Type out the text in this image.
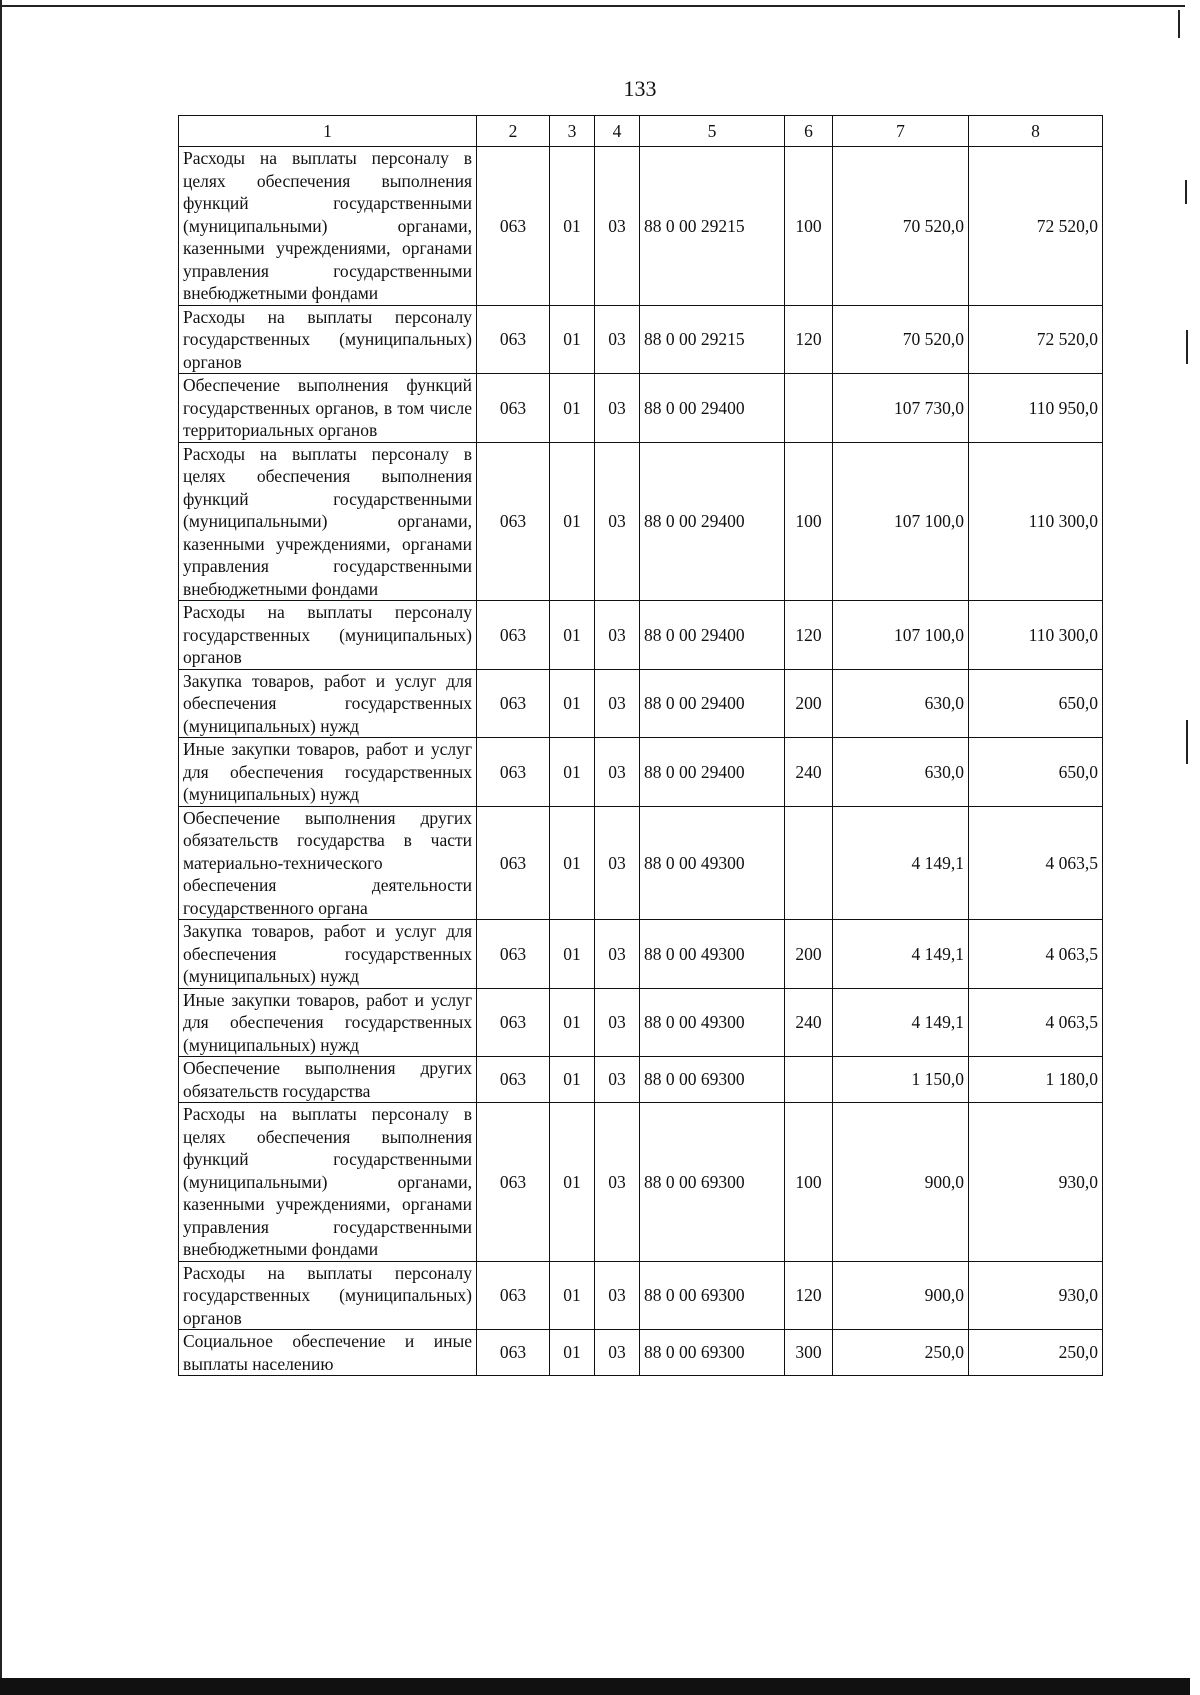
133
1	2	3	4	5	6	7	8
Расходы на выплаты персоналу в целях обеспечения выполнения функций государственными (муниципальными) органами, казенными учреждениями, органами управления государственными внебюджетными фондами	063	01	03	88 0 00 29215	100	70 520,0	72 520,0
Расходы на выплаты персоналу государственных (муниципальных) органов	063	01	03	88 0 00 29215	120	70 520,0	72 520,0
Обеспечение выполнения функций государственных органов, в том числе территориальных органов	063	01	03	88 0 00 29400		107 730,0	110 950,0
Расходы на выплаты персоналу в целях обеспечения выполнения функций государственными (муниципальными) органами, казенными учреждениями, органами управления государственными внебюджетными фондами	063	01	03	88 0 00 29400	100	107 100,0	110 300,0
Расходы на выплаты персоналу государственных (муниципальных) органов	063	01	03	88 0 00 29400	120	107 100,0	110 300,0
Закупка товаров, работ и услуг для обеспечения государственных (муниципальных) нужд	063	01	03	88 0 00 29400	200	630,0	650,0
Иные закупки товаров, работ и услуг для обеспечения государственных (муниципальных) нужд	063	01	03	88 0 00 29400	240	630,0	650,0
Обеспечение выполнения других обязательств государства в части материально-технического обеспечения деятельности государственного органа	063	01	03	88 0 00 49300		4 149,1	4 063,5
Закупка товаров, работ и услуг для обеспечения государственных (муниципальных) нужд	063	01	03	88 0 00 49300	200	4 149,1	4 063,5
Иные закупки товаров, работ и услуг для обеспечения государственных (муниципальных) нужд	063	01	03	88 0 00 49300	240	4 149,1	4 063,5
Обеспечение выполнения других обязательств государства	063	01	03	88 0 00 69300		1 150,0	1 180,0
Расходы на выплаты персоналу в целях обеспечения выполнения функций государственными (муниципальными) органами, казенными учреждениями, органами управления государственными внебюджетными фондами	063	01	03	88 0 00 69300	100	900,0	930,0
Расходы на выплаты персоналу государственных (муниципальных) органов	063	01	03	88 0 00 69300	120	900,0	930,0
Социальное обеспечение и иные выплаты населению	063	01	03	88 0 00 69300	300	250,0	250,0
